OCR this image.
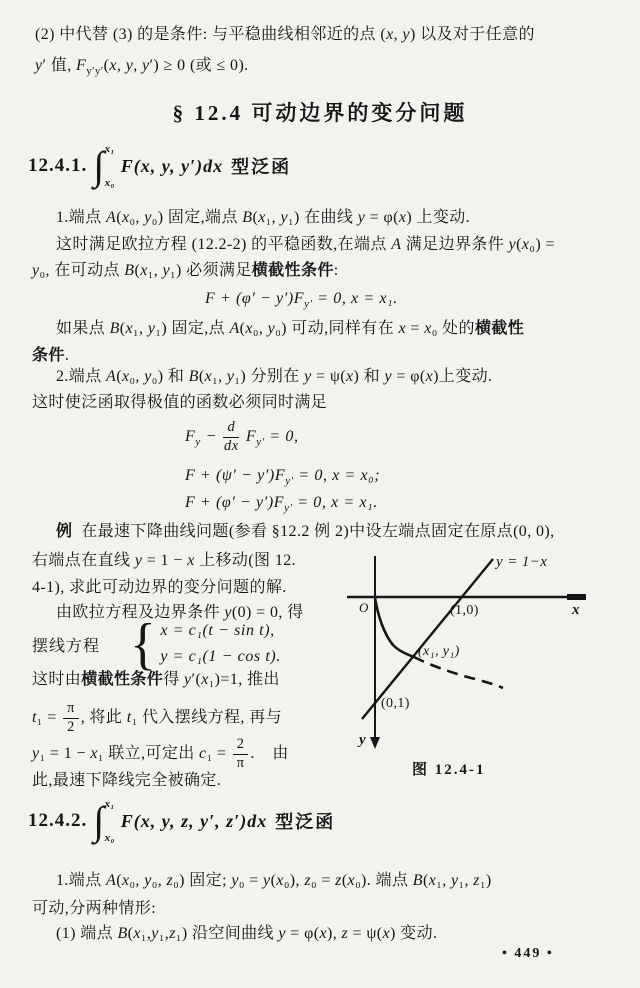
(2) 中代替 (3) 的是条件: 与平稳曲线相邻近的点 (x, y) 以及对于任意的
y′ 值, $F_{y'y'}(x$, y, y′) ≥ 0 (或 ≤ 0).
§ 12.4 可动边界的变分问题
12.4.1. ∫ x₁
x₀
F(x, y, y′)dx 型泛函
1.端点 A(x₀, y₀) 固定,端点 B(x₁, y₁) 在曲线 y = φ(x) 上变动.
这时满足欧拉方程 (12.2-2) 的平稳函数,在端点 A 满足边界条件 y(x₀) =
y₀, 在可动点 B(x₁, y₁) 必须满足横截性条件:
$F + (\varphi' - y')F_{y'} = 0$, x = x₁.
如果点 B(x₁, y₁) 固定,点 A(x₀, y₀) 可动,同样有在 x = x₀ 处的横截性
条件.
2.端点 A(x₀, y₀) 和 B(x₁, y₁) 分别在 y = ψ(x) 和 y = φ(x)上变动.
这时使泛函取得极值的函数必须同时满足
$F_y - \frac{d}{dx} F_{y'} = 0$,
$F + (\psi' - y')F_{y'} = 0$, x = x₀;
$F + (\varphi' - y')F_{y'} = 0$, x = x₁.
例 在最速下降曲线问题(参看 §12.2 例 2)中设左端点固定在原点(0, 0),
右端点在直线 y = 1 − x 上移动(图 12.
4-1), 求此可动边界的变分问题的解.
由欧拉方程及边界条件 y(0) = 0, 得
摆线方程 { x = c₁(t − sin t),
y = c₁(1 − cos t).
这时由横截性条件得 y′(x₁)=1, 推出
$t_1 = \frac{\pi}{2}$ , 将此 t₁ 代入摆线方程, 再与
y₁ = 1 − x₁ 联立,可定出 $c_1 = \frac{2}{\pi}$ .    由
此,最速下降线完全被确定.
y = 1−x
O	x
(1,0)
(x₁, y₁)
(0,1)
y
图 12.4-1
12.4.2. ∫ x₁
x₀
F(x, y, z, y′, z′)dx 型泛函
1.端点 A(x₀, y₀, z₀) 固定; y₀ = y(x₀), z₀ = z(x₀). 端点 B(x₁, y₁, z₁)
可动,分两种情形:
(1) 端点 B(x₁,y₁,z₁) 沿空间曲线 y = φ(x), z = ψ(x) 变动.
• 449 •
